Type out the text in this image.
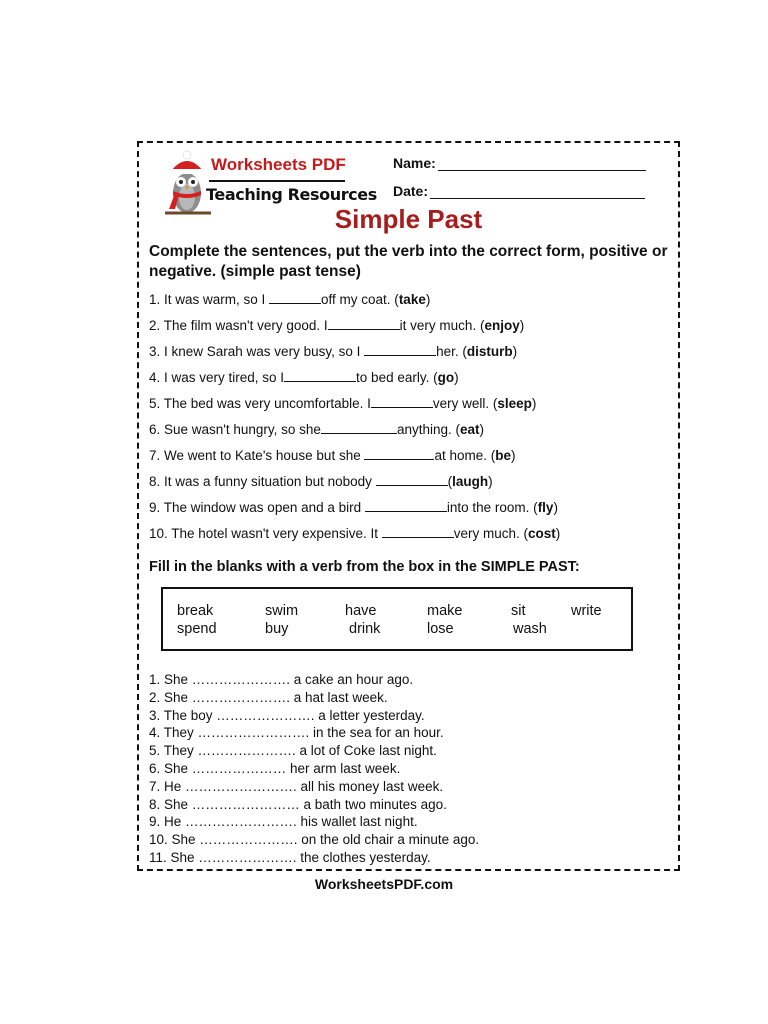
Worksheets PDF
Teaching Resources
Name:
Date:
Simple Past
Complete the sentences, put the verb into the correct form, positive or negative. (simple past tense)
1. It was warm, so I	off my coat. (take)
2. The film wasn't very good. I	it very much. (enjoy)
3. I knew Sarah was very busy, so I	her. (disturb)
4. I was very tired, so I	to bed early. (go)
5. The bed was very uncomfortable. I	very well. (sleep)
6. Sue wasn't hungry, so she	anything. (eat)
7. We went to Kate's house but she	at home. (be)
8. It was a funny situation but nobody	(laugh)
9. The window was open and a bird	into the room. (fly)
10. The hotel wasn't very expensive. It	very much. (cost)
Fill in the blanks with a verb from the box in the SIMPLE PAST:
break	swim	have	make	sit	write
spend	buy	drink	lose	wash
1. She …………………. a cake an hour ago.
2. She …………………. a hat last week.
3. The boy …………………. a letter yesterday.
4. They ……………………. in the sea for an hour.
5. They …………………. a lot of Coke last night.
6. She ………………… her arm last week.
7. He ……………………. all his money last week.
8. She …………………… a bath two minutes ago.
9. He ……………………. his wallet last night.
10. She …………………. on the old chair a minute ago.
11. She …………………. the clothes yesterday.
WorksheetsPDF.com
